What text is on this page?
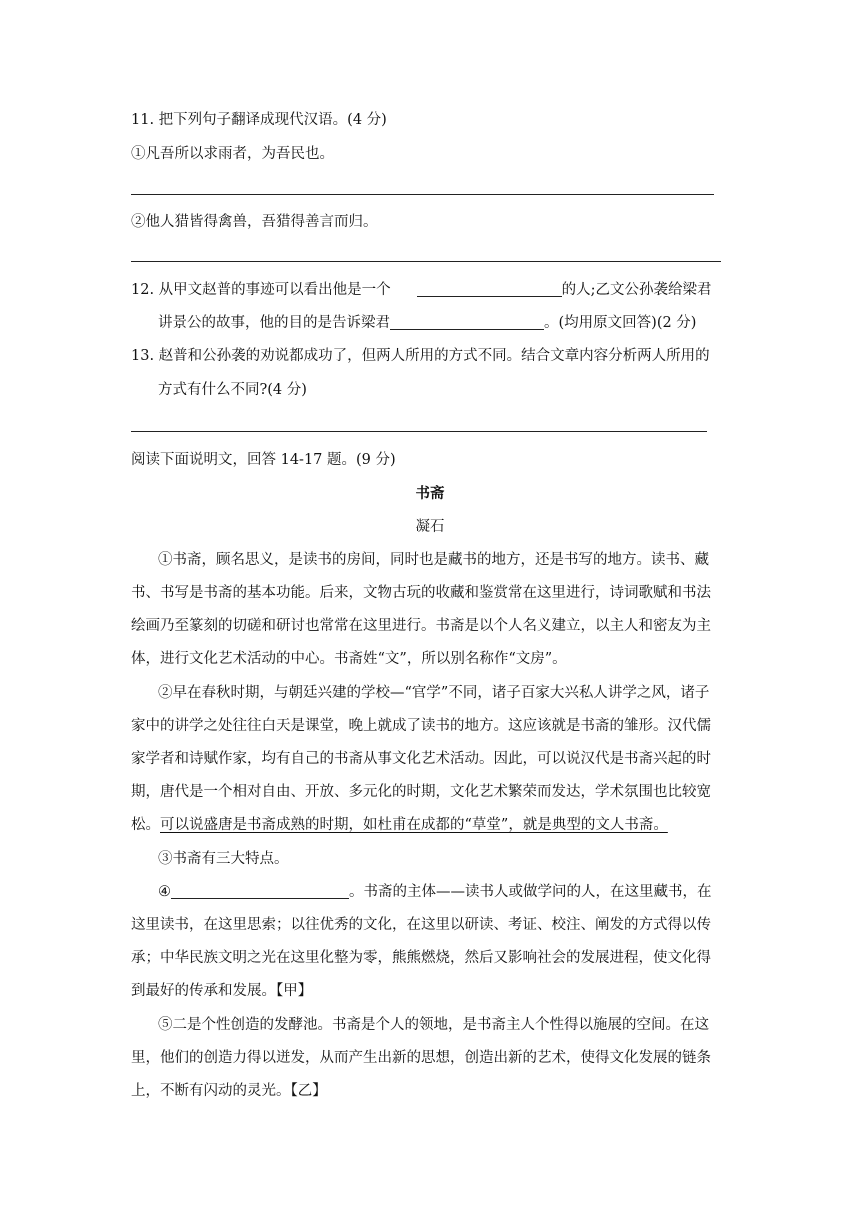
11. 把下列句子翻译成现代汉语。(4 分)
①凡吾所以求雨者，为吾民也。
②他人猎皆得禽兽，吾猎得善言而归。
12. 从甲文赵普的事迹可以看出他是一个	的人;乙文公孙袭给梁君
讲景公的故事，他的目的是告诉梁君	。(均用原文回答)(2 分)
13. 赵普和公孙袭的劝说都成功了，但两人所用的方式不同。结合文章内容分析两人所用的
方式有什么不同?(4 分)
阅读下面说明文，回答 14-17 题。(9 分)
书斋
凝石
①书斋，顾名思义，是读书的房间，同时也是藏书的地方，还是书写的地方。读书、藏
书、书写是书斋的基本功能。后来，文物古玩的收藏和鉴赏常在这里进行，诗词歌赋和书法
绘画乃至篆刻的切磋和研讨也常常在这里进行。书斋是以个人名义建立，以主人和密友为主
体，进行文化艺术活动的中心。书斋姓“文”，所以别名称作“文房”。
②早在春秋时期，与朝廷兴建的学校—“官学”不同，诸子百家大兴私人讲学之风，诸子
家中的讲学之处往往白天是课堂，晚上就成了读书的地方。这应该就是书斋的雏形。汉代儒
家学者和诗赋作家，均有自己的书斋从事文化艺术活动。因此，可以说汉代是书斋兴起的时
期，唐代是一个相对自由、开放、多元化的时期，文化艺术繁荣而发达，学术氛围也比较宽
松。可以说盛唐是书斋成熟的时期，如杜甫在成都的“草堂”，就是典型的文人书斋。
③书斋有三大特点。
④	。书斋的主体——读书人或做学问的人，在这里藏书，在
这里读书，在这里思索；以往优秀的文化，在这里以研读、考证、校注、阐发的方式得以传
承；中华民族文明之光在这里化整为零，熊熊燃烧，然后又影响社会的发展进程，使文化得
到最好的传承和发展。【甲】
⑤二是个性创造的发酵池。书斋是个人的领地，是书斋主人个性得以施展的空间。在这
里，他们的创造力得以迸发，从而产生出新的思想，创造出新的艺术，使得文化发展的链条
上，不断有闪动的灵光。【乙】
